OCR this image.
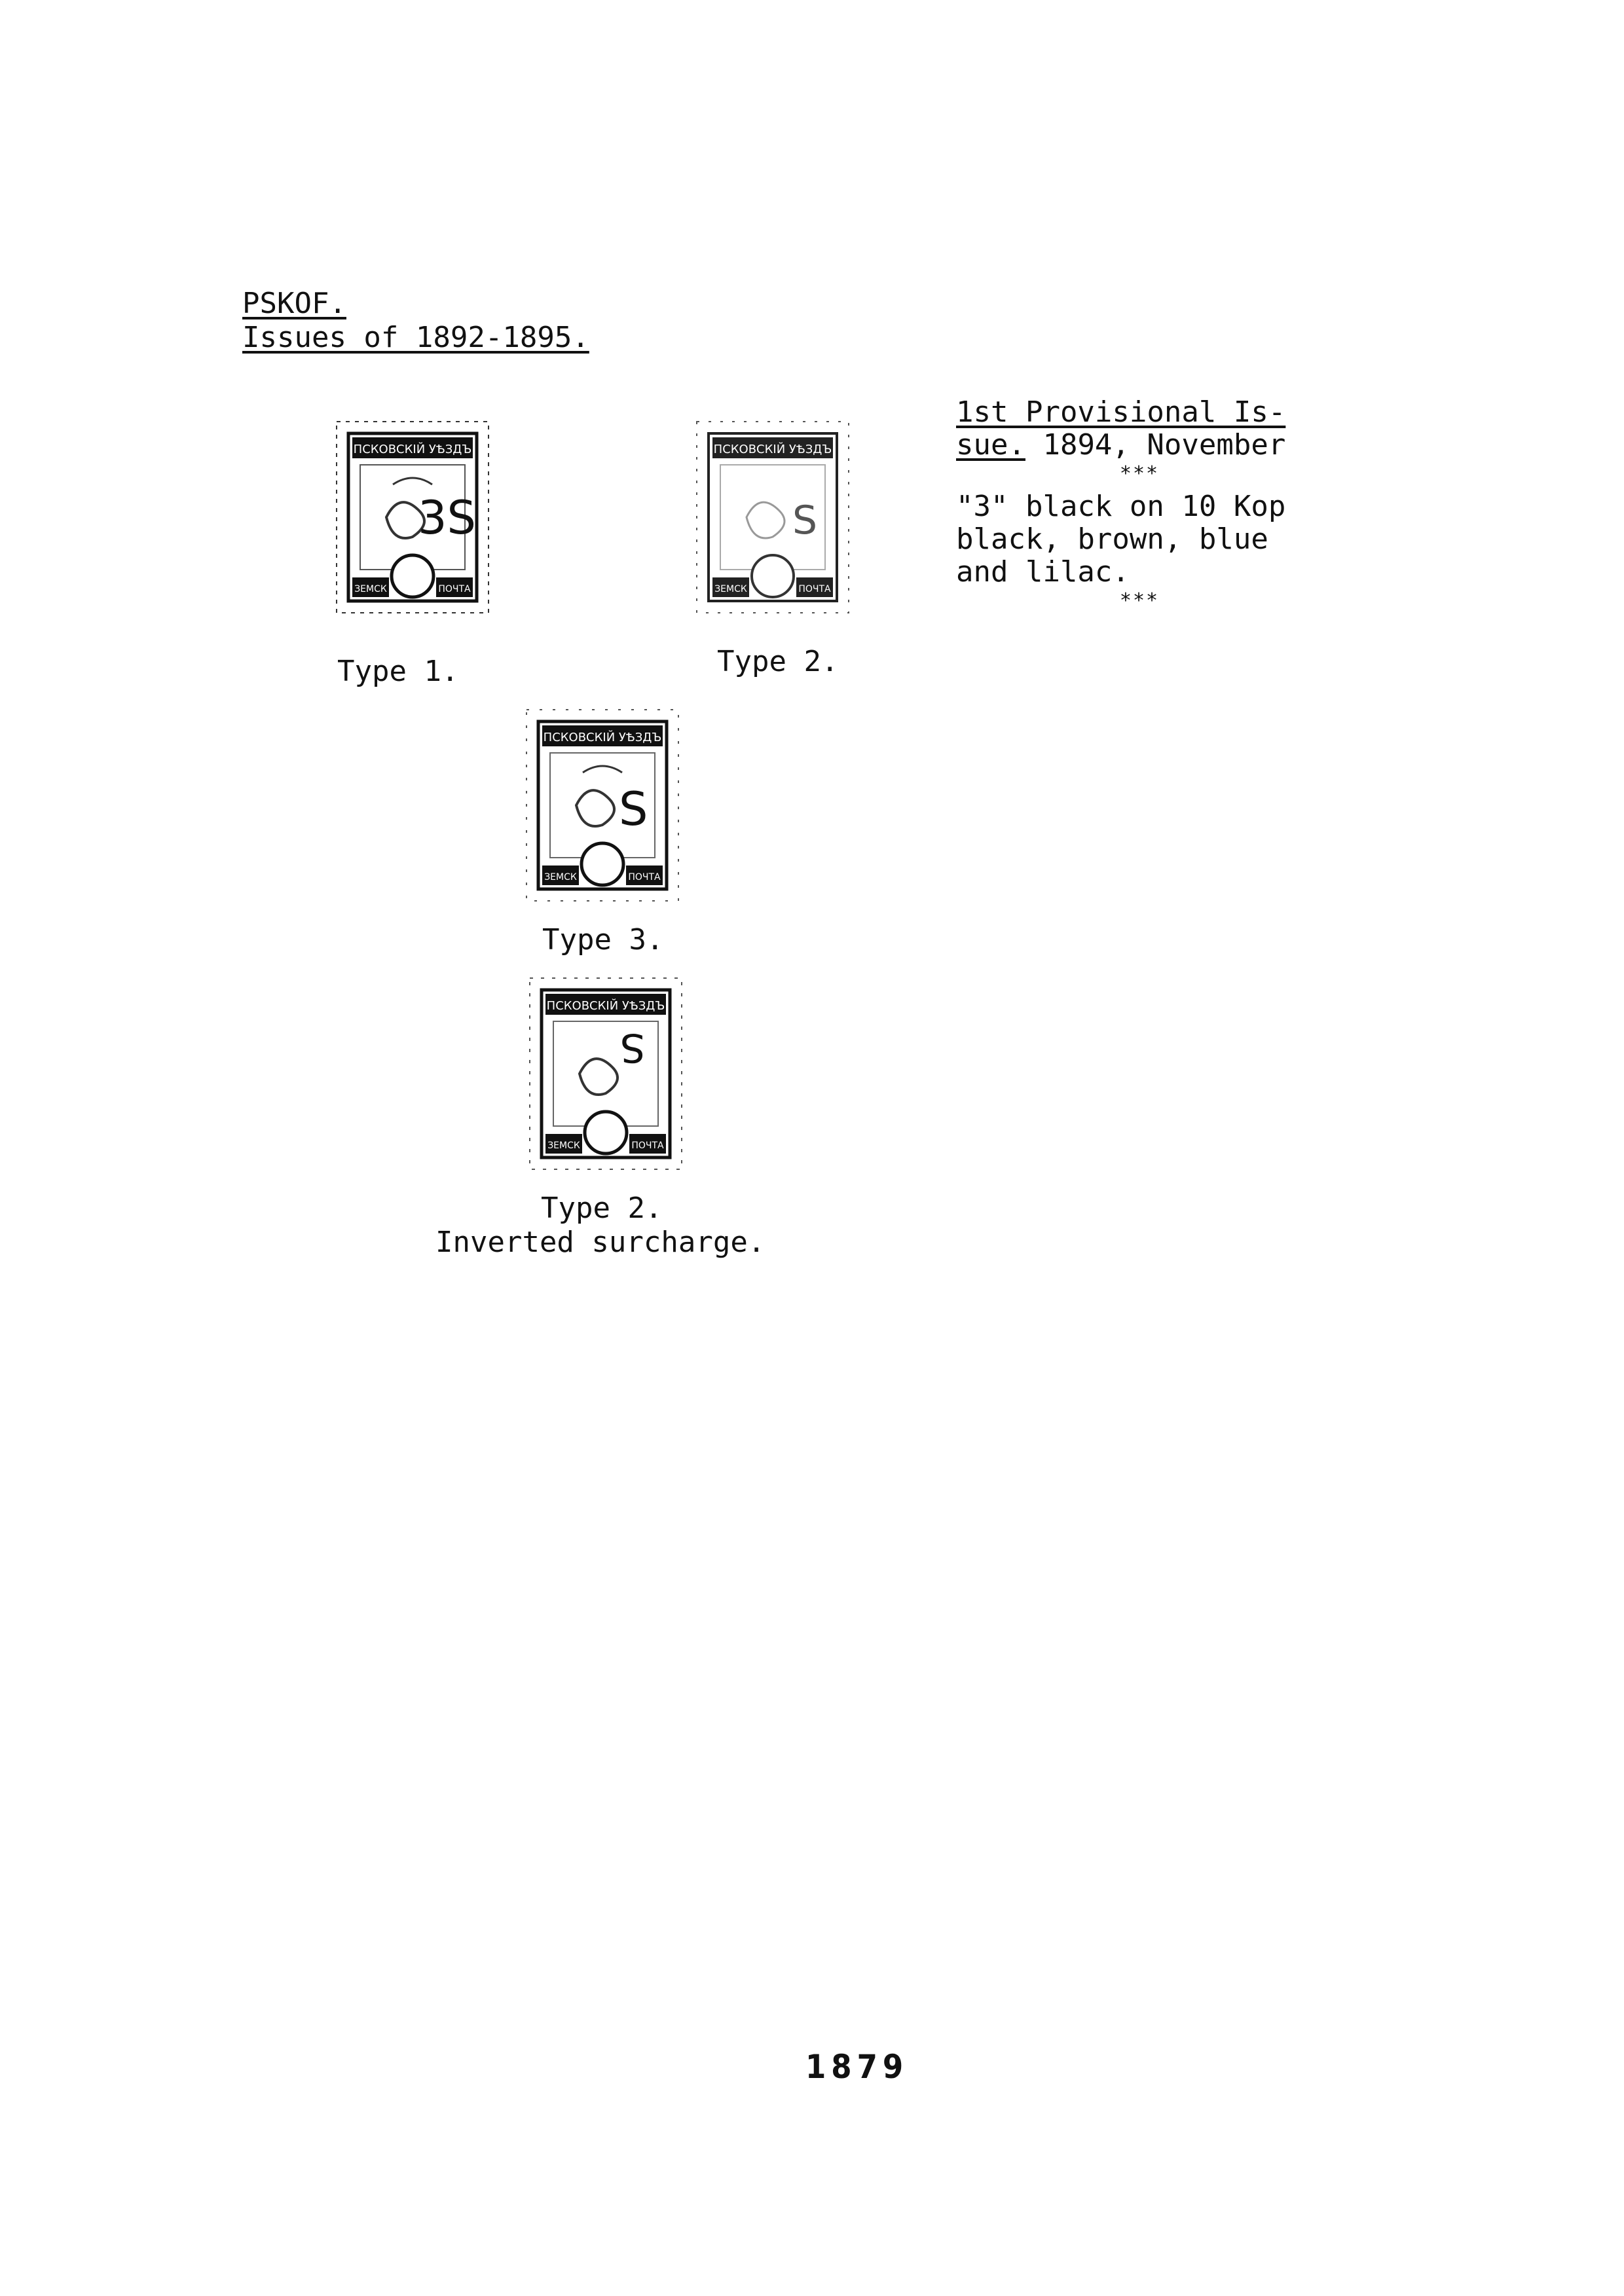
PSKOF.
Issues of 1892-1895.
1st Provisional Is-
sue. 1894, November
***
"3" black on 10 Kop black, brown, blue and lilac.
***
ПСКОВСКІЙ УѢЗДЪ
3S
ЗЕМСК	ПОЧТА
Type 1.
ПСКОВСКІЙ УѢЗДЪ
S
ЗЕМСК	ПОЧТА
Type 2.
ПСКОВСКІЙ УѢЗДЪ
S
ЗЕМСК	ПОЧТА
Type 3.
ПСКОВСКІЙ УѢЗДЪ
S
ЗЕМСК	ПОЧТА
Type 2.
Inverted surcharge.
1879
